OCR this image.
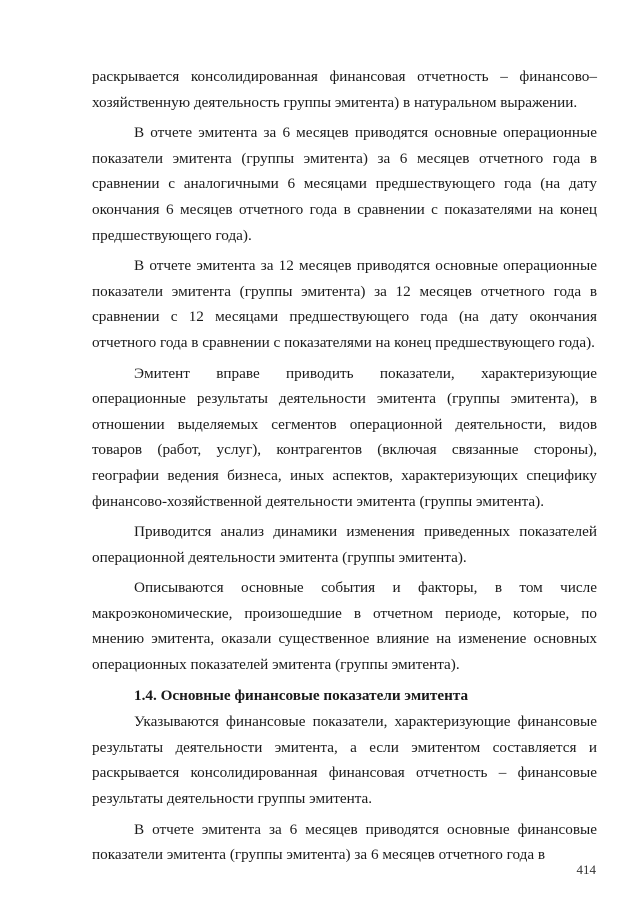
раскрывается консолидированная финансовая отчетность – финансово–хозяйственную деятельность группы эмитента) в натуральном выражении.

В отчете эмитента за 6 месяцев приводятся основные операционные показатели эмитента (группы эмитента) за 6 месяцев отчетного года в сравнении с аналогичными 6 месяцами предшествующего года (на дату окончания 6 месяцев отчетного года в сравнении с показателями на конец предшествующего года).

В отчете эмитента за 12 месяцев приводятся основные операционные показатели эмитента (группы эмитента) за 12 месяцев отчетного года в сравнении с 12 месяцами предшествующего года (на дату окончания отчетного года в сравнении с показателями на конец предшествующего года).

Эмитент вправе приводить показатели, характеризующие операционные результаты деятельности эмитента (группы эмитента), в отношении выделяемых сегментов операционной деятельности, видов товаров (работ, услуг), контрагентов (включая связанные стороны), географии ведения бизнеса, иных аспектов, характеризующих специфику финансово-хозяйственной деятельности эмитента (группы эмитента).

Приводится анализ динамики изменения приведенных показателей операционной деятельности эмитента (группы эмитента).

Описываются основные события и факторы, в том числе макроэкономические, произошедшие в отчетном периоде, которые, по мнению эмитента, оказали существенное влияние на изменение основных операционных показателей эмитента (группы эмитента).

1.4. Основные финансовые показатели эмитента

Указываются финансовые показатели, характеризующие финансовые результаты деятельности эмитента, а если эмитентом составляется и раскрывается консолидированная финансовая отчетность – финансовые результаты деятельности группы эмитента.

В отчете эмитента за 6 месяцев приводятся основные финансовые показатели эмитента (группы эмитента) за 6 месяцев отчетного года в

414
